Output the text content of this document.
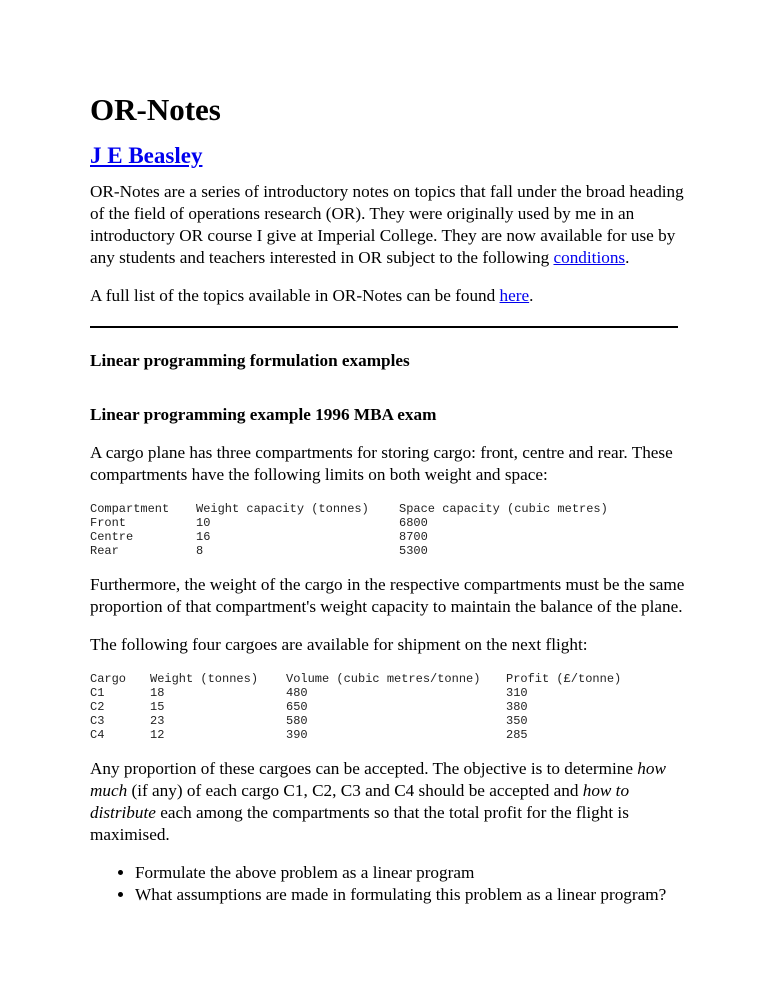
OR-Notes
J E Beasley

OR-Notes are a series of introductory notes on topics that fall under the broad heading of the field of operations research (OR). They were originally used by me in an introductory OR course I give at Imperial College. They are now available for use by any students and teachers interested in OR subject to the following conditions.

A full list of the topics available in OR-Notes can be found here.

Linear programming formulation examples

Linear programming example 1996 MBA exam

A cargo plane has three compartments for storing cargo: front, centre and rear. These compartments have the following limits on both weight and space:

Compartment	Weight capacity (tonnes)	Space capacity (cubic metres)
Front	10	6800
Centre	16	8700
Rear	8	5300

Furthermore, the weight of the cargo in the respective compartments must be the same proportion of that compartment's weight capacity to maintain the balance of the plane.

The following four cargoes are available for shipment on the next flight:

Cargo	Weight (tonnes)	Volume (cubic metres/tonne)	Profit (£/tonne)
C1	18	480	310
C2	15	650	380
C3	23	580	350
C4	12	390	285

Any proportion of these cargoes can be accepted. The objective is to determine how much (if any) of each cargo C1, C2, C3 and C4 should be accepted and how to distribute each among the compartments so that the total profit for the flight is maximised.

• Formulate the above problem as a linear program
• What assumptions are made in formulating this problem as a linear program?
